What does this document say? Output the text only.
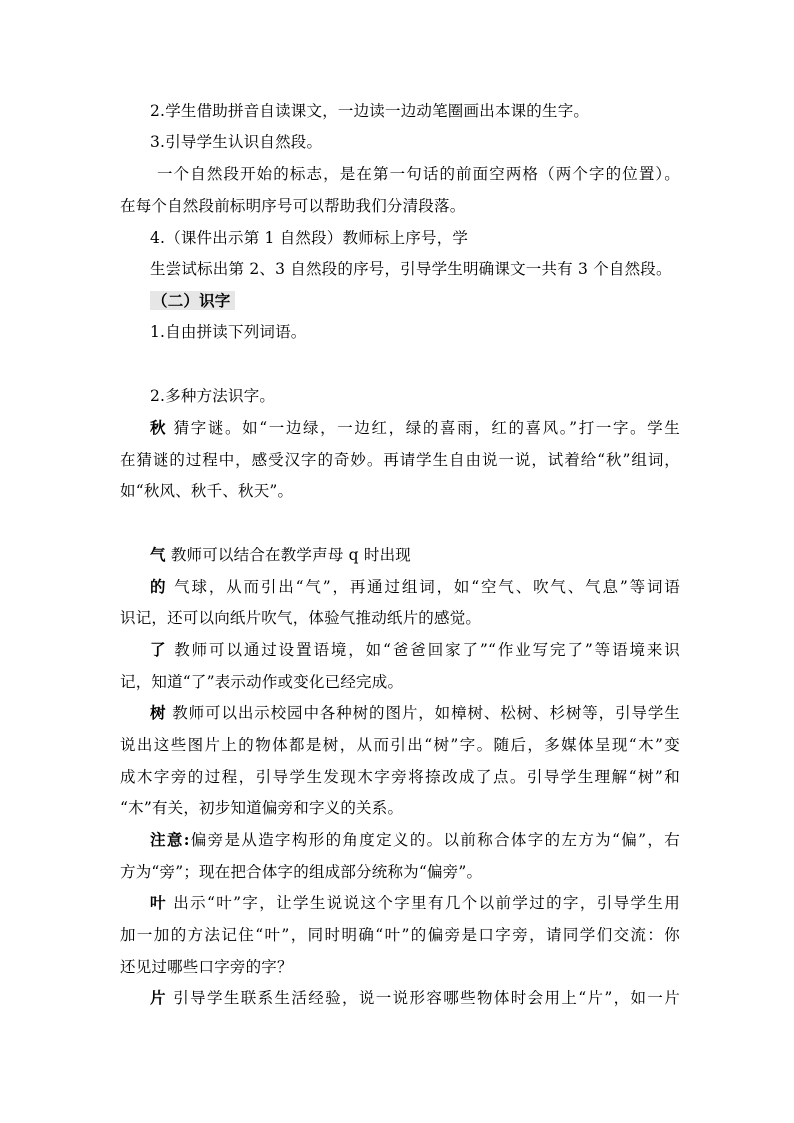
2.学生借助拼音自读课文，一边读一边动笔圈画出本课的生字。
3.引导学生认识自然段。
一个自然段开始的标志，是在第一句话的前面空两格（两个字的位置）。
在每个自然段前标明序号可以帮助我们分清段落。
4.（课件出示第 1 自然段）教师标上序号，学
生尝试标出第 2、3 自然段的序号，引导学生明确课文一共有 3 个自然段。
（二）识字
1.自由拼读下列词语。
2.多种方法识字。
秋 猜字谜。如“一边绿，一边红，绿的喜雨，红的喜风。”打一字。学生
在猜谜的过程中，感受汉字的奇妙。再请学生自由说一说，试着给“秋”组词，
如“秋风、秋千、秋天”。
气 教师可以结合在教学声母 q 时出现
的 气球，从而引出“气”，再通过组词，如“空气、吹气、气息”等词语
识记，还可以向纸片吹气，体验气推动纸片的感觉。
了 教师可以通过设置语境，如“爸爸回家了”“作业写完了”等语境来识
记，知道“了”表示动作或变化已经完成。
树 教师可以出示校园中各种树的图片，如樟树、松树、杉树等，引导学生
说出这些图片上的物体都是树，从而引出“树”字。随后，多媒体呈现“木”变
成木字旁的过程，引导学生发现木字旁将捺改成了点。引导学生理解“树”和
“木”有关，初步知道偏旁和字义的关系。
注意:偏旁是从造字构形的角度定义的。以前称合体字的左方为“偏”，右
方为“旁”；现在把合体字的组成部分统称为“偏旁”。
叶 出示“叶”字，让学生说说这个字里有几个以前学过的字，引导学生用
加一加的方法记住“叶”，同时明确“叶”的偏旁是口字旁，请同学们交流：你
还见过哪些口字旁的字？
片 引导学生联系生活经验，说一说形容哪些物体时会用上“片”，如一片
